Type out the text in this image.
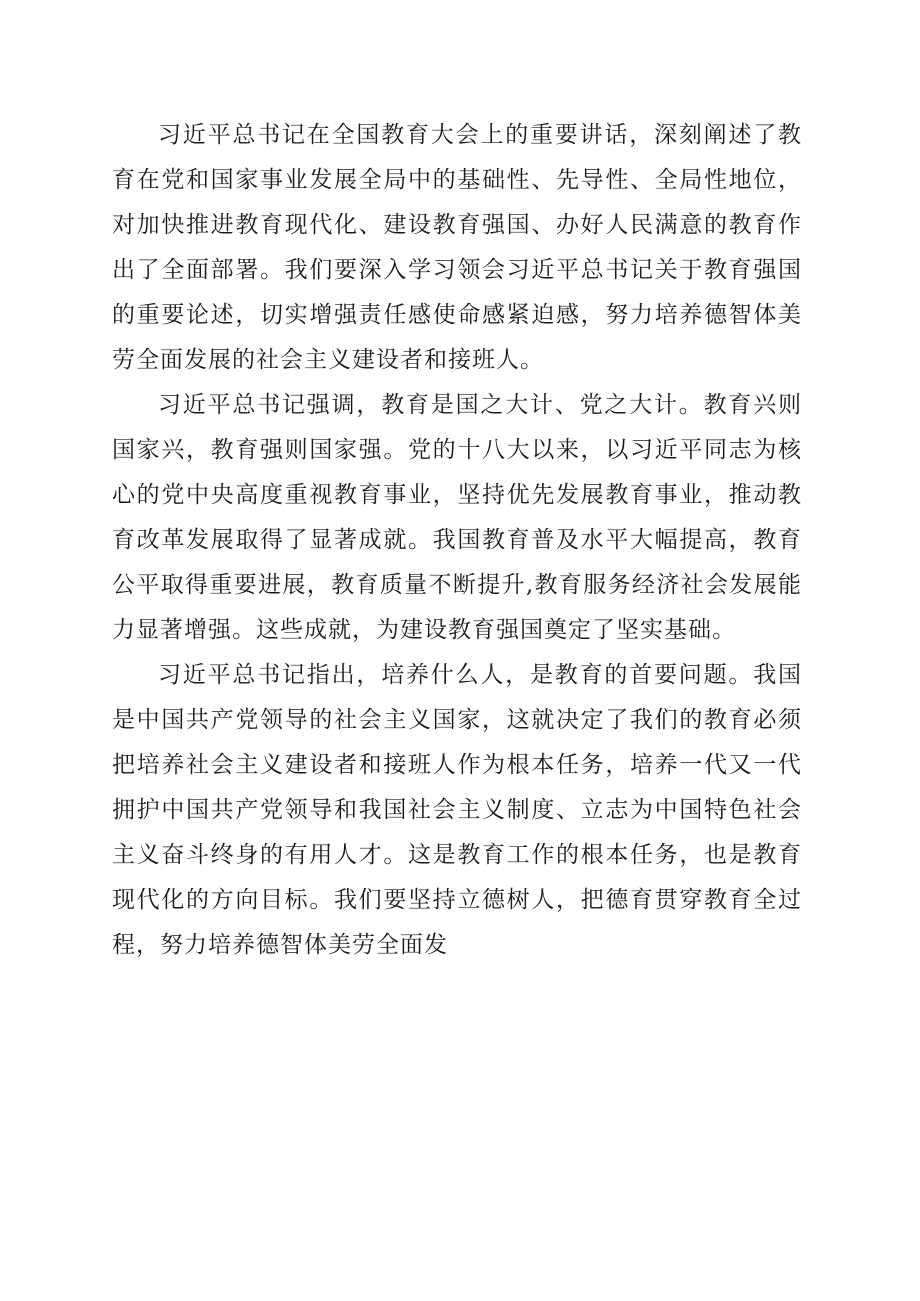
习近平总书记在全国教育大会上的重要讲话，深刻阐述了教育在党和国家事业发展全局中的基础性、先导性、全局性地位，对加快推进教育现代化、建设教育强国、办好人民满意的教育作出了全面部署。我们要深入学习领会习近平总书记关于教育强国的重要论述，切实增强责任感使命感紧迫感，努力培养德智体美劳全面发展的社会主义建设者和接班人。

习近平总书记强调，教育是国之大计、党之大计。教育兴则国家兴，教育强则国家强。党的十八大以来，以习近平同志为核心的党中央高度重视教育事业，坚持优先发展教育事业，推动教育改革发展取得了显著成就。我国教育普及水平大幅提高，教育公平取得重要进展，教育质量不断提升,教育服务经济社会发展能力显著增强。这些成就，为建设教育强国奠定了坚实基础。

习近平总书记指出，培养什么人，是教育的首要问题。我国是中国共产党领导的社会主义国家，这就决定了我们的教育必须把培养社会主义建设者和接班人作为根本任务，培养一代又一代拥护中国共产党领导和我国社会主义制度、立志为中国特色社会主义奋斗终身的有用人才。这是教育工作的根本任务，也是教育现代化的方向目标。我们要坚持立德树人，把德育贯穿教育全过程，努力培养德智体美劳全面发
